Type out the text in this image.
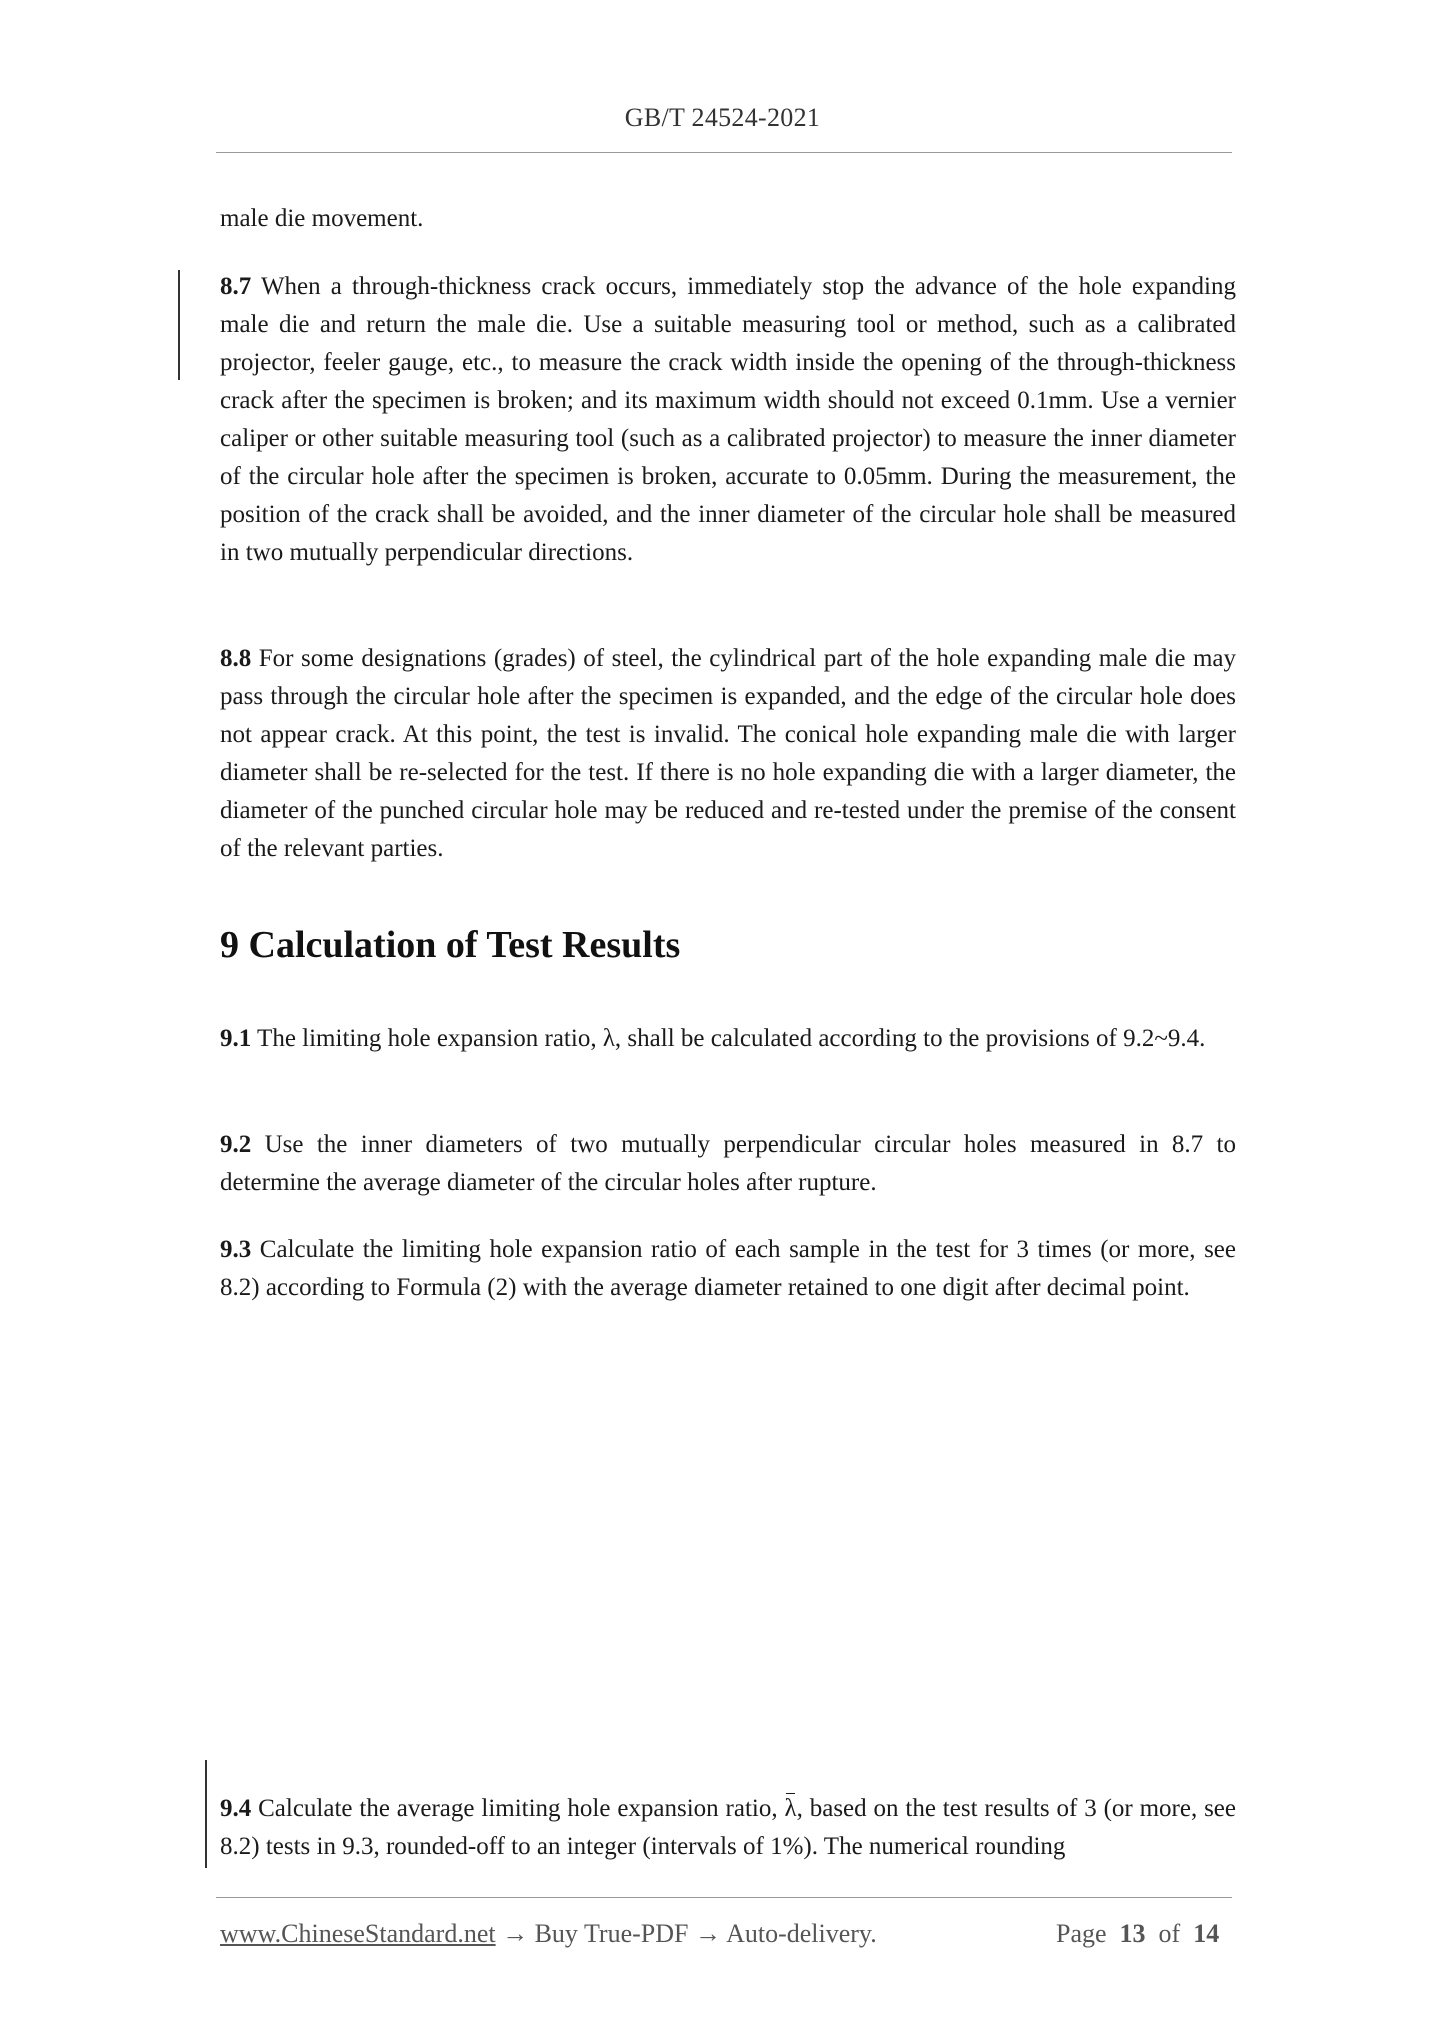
GB/T 24524-2021
male die movement.
8.7 When a through-thickness crack occurs, immediately stop the advance of the hole expanding male die and return the male die. Use a suitable measuring tool or method, such as a calibrated projector, feeler gauge, etc., to measure the crack width inside the opening of the through-thickness crack after the specimen is broken; and its maximum width should not exceed 0.1mm. Use a vernier caliper or other suitable measuring tool (such as a calibrated projector) to measure the inner diameter of the circular hole after the specimen is broken, accurate to 0.05mm. During the measurement, the position of the crack shall be avoided, and the inner diameter of the circular hole shall be measured in two mutually perpendicular directions.
8.8 For some designations (grades) of steel, the cylindrical part of the hole expanding male die may pass through the circular hole after the specimen is expanded, and the edge of the circular hole does not appear crack. At this point, the test is invalid. The conical hole expanding male die with larger diameter shall be re-selected for the test. If there is no hole expanding die with a larger diameter, the diameter of the punched circular hole may be reduced and re-tested under the premise of the consent of the relevant parties.
9 Calculation of Test Results
9.1 The limiting hole expansion ratio, λ, shall be calculated according to the provisions of 9.2~9.4.
9.2 Use the inner diameters of two mutually perpendicular circular holes measured in 8.7 to determine the average diameter of the circular holes after rupture.
9.3 Calculate the limiting hole expansion ratio of each sample in the test for 3 times (or more, see 8.2) according to Formula (2) with the average diameter retained to one digit after decimal point.
9.4 Calculate the average limiting hole expansion ratio, λ, based on the test results of 3 (or more, see 8.2) tests in 9.3, rounded-off to an integer (intervals of 1%). The numerical rounding
www.ChineseStandard.net → Buy True-PDF → Auto-delivery.	Page 13 of 14
